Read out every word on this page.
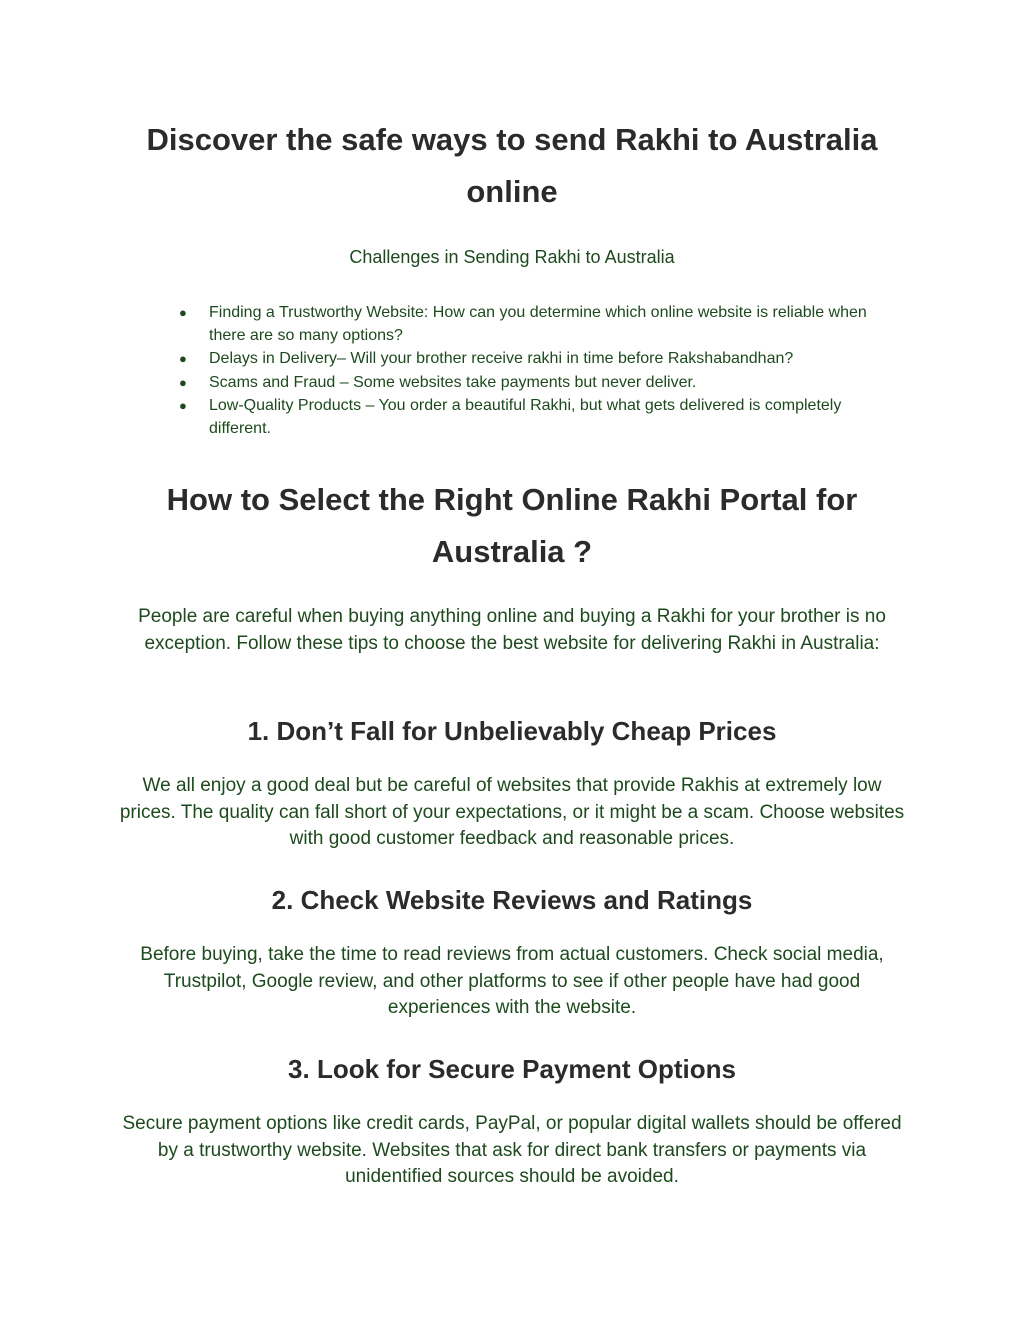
Discover the safe ways to send Rakhi to Australia online
Challenges in Sending Rakhi to Australia
● Finding a Trustworthy Website: How can you determine which online website is reliable when there are so many options?
● Delays in Delivery– Will your brother receive rakhi in time before Rakshabandhan?
● Scams and Fraud – Some websites take payments but never deliver.
● Low-Quality Products – You order a beautiful Rakhi, but what gets delivered is completely different.
How to Select the Right Online Rakhi Portal for Australia ?

People are careful when buying anything online and buying a Rakhi for your brother is no exception. Follow these tips to choose the best website for delivering Rakhi in Australia:

1. Don’t Fall for Unbelievably Cheap Prices

We all enjoy a good deal but be careful of websites that provide Rakhis at extremely low prices. The quality can fall short of your expectations, or it might be a scam. Choose websites with good customer feedback and reasonable prices.

2. Check Website Reviews and Ratings

Before buying, take the time to read reviews from actual customers. Check social media, Trustpilot, Google review, and other platforms to see if other people have had good experiences with the website.

3. Look for Secure Payment Options

Secure payment options like credit cards, PayPal, or popular digital wallets should be offered by a trustworthy website. Websites that ask for direct bank transfers or payments via unidentified sources should be avoided.
